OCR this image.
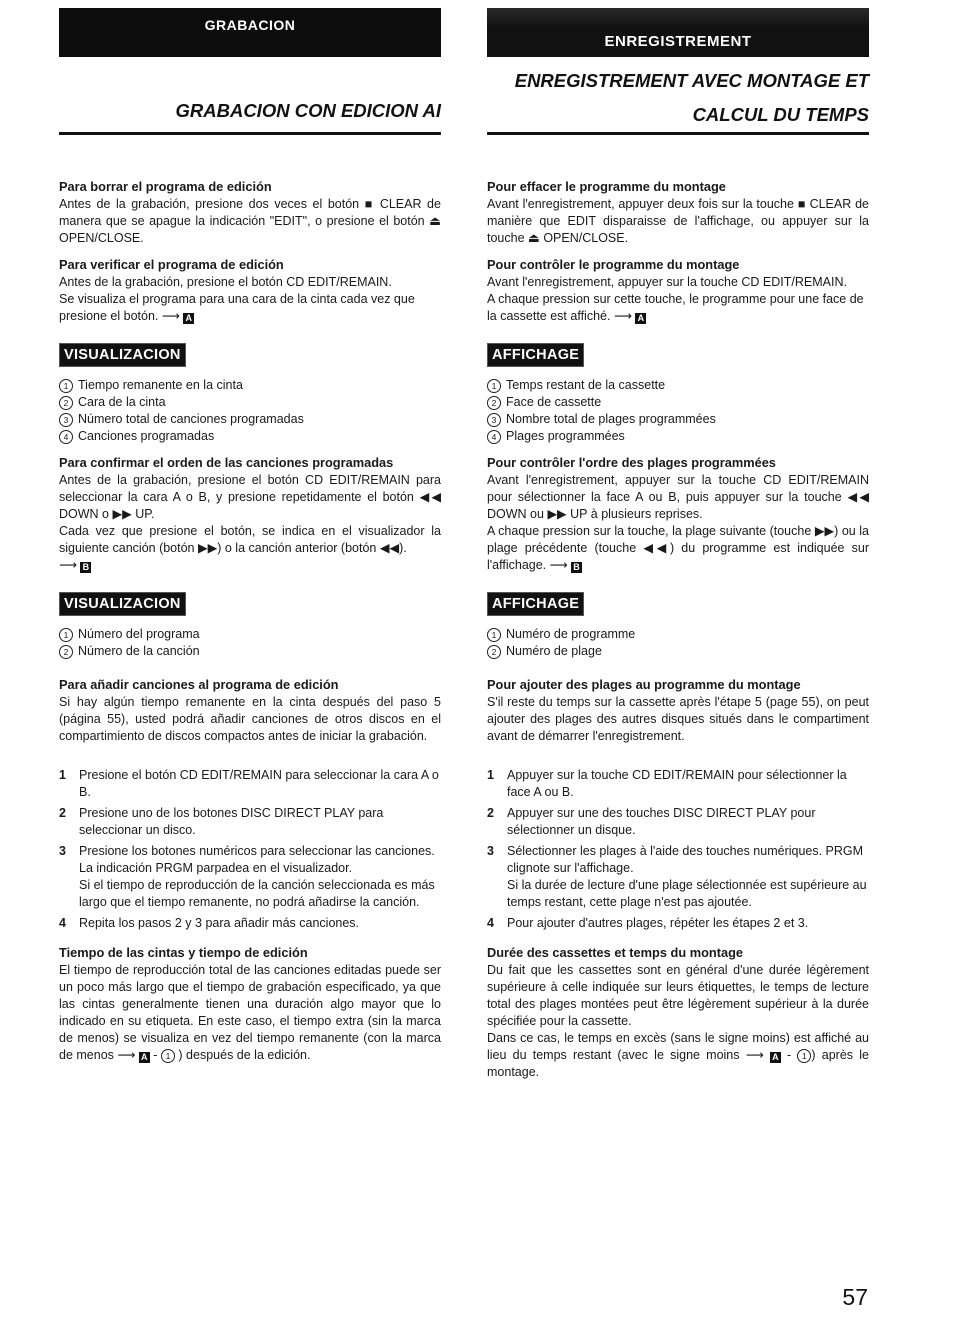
GRABACION
GRABACION CON EDICION AI
Para borrar el programa de edición

Antes de la grabación, presione dos veces el botón ■ CLEAR de manera que se apague la indicación "EDIT", o presione el botón ⏏ OPEN/CLOSE.

Para verificar el programa de edición

Antes de la grabación, presione el botón CD EDIT/REMAIN.

Se visualiza el programa para una cara de la cinta cada vez que presione el botón. ⟶ A

VISUALIZACION

1 Tiempo remanente en la cinta

2 Cara de la cinta

3 Número total de canciones programadas

4 Canciones programadas

Para confirmar el orden de las canciones programadas

Antes de la grabación, presione el botón CD EDIT/REMAIN para seleccionar la cara A o B, y presione repetidamente el botón ◀◀ DOWN o ▶▶ UP.

Cada vez que presione el botón, se indica en el visualizador la siguiente canción (botón ▶▶) o la canción anterior (botón ◀◀).
⟶ B

VISUALIZACION

1 Número del programa

2 Número de la canción

Para añadir canciones al programa de edición

Si hay algún tiempo remanente en la cinta después del paso 5 (página 55), usted podrá añadir canciones de otros discos en el compartimiento de discos compactos antes de iniciar la grabación.

1 Presione el botón CD EDIT/REMAIN para seleccionar la cara A o B.
2 Presione uno de los botones DISC DIRECT PLAY para seleccionar un disco.
3 Presione los botones numéricos para seleccionar las canciones. La indicación PRGM parpadea en el visualizador.
Si el tiempo de reproducción de la canción seleccionada es más largo que el tiempo remanente, no podrá añadirse la canción.
4 Repita los pasos 2 y 3 para añadir más canciones.
Tiempo de las cintas y tiempo de edición

El tiempo de reproducción total de las canciones editadas puede ser un poco más largo que el tiempo de grabación especificado, ya que las cintas generalmente tienen una duración algo mayor que lo indicado en su etiqueta. En este caso, el tiempo extra (sin la marca de menos) se visualiza en vez del tiempo remanente (con la marca de menos ⟶ A - 1 ) después de la edición.

ENREGISTREMENT
ENREGISTREMENT AVEC MONTAGE ET
CALCUL DU TEMPS
Pour effacer le programme du montage

Avant l'enregistrement, appuyer deux fois sur la touche ■ CLEAR de manière que EDIT disparaisse de l'affichage, ou appuyer sur la touche ⏏ OPEN/CLOSE.

Pour contrôler le programme du montage

Avant l'enregistrement, appuyer sur la touche CD EDIT/REMAIN.

A chaque pression sur cette touche, le programme pour une face de la cassette est affiché. ⟶ A

AFFICHAGE

1 Temps restant de la cassette

2 Face de cassette

3 Nombre total de plages programmées

4 Plages programmées

Pour contrôler l'ordre des plages programmées

Avant l'enregistrement, appuyer sur la touche CD EDIT/REMAIN pour sélectionner la face A ou B, puis appuyer sur la touche ◀◀ DOWN ou ▶▶ UP à plusieurs reprises.

A chaque pression sur la touche, la plage suivante (touche ▶▶) ou la plage précédente (touche ◀◀) du programme est indiquée sur l'affichage. ⟶ B

AFFICHAGE

1 Numéro de programme

2 Numéro de plage

Pour ajouter des plages au programme du montage

S'il reste du temps sur la cassette après l'étape 5 (page 55), on peut ajouter des plages des autres disques situés dans le compartiment avant de démarrer l'enregistrement.

1 Appuyer sur la touche CD EDIT/REMAIN pour sélectionner la face A ou B.
2 Appuyer sur une des touches DISC DIRECT PLAY pour sélectionner un disque.
3 Sélectionner les plages à l'aide des touches numériques. PRGM clignote sur l'affichage.
Si la durée de lecture d'une plage sélectionnée est supérieure au temps restant, cette plage n'est pas ajoutée.
4 Pour ajouter d'autres plages, répéter les étapes 2 et 3.
Durée des cassettes et temps du montage

Du fait que les cassettes sont en général d'une durée légèrement supérieure à celle indiquée sur leurs étiquettes, le temps de lecture total des plages montées peut être légèrement supérieur à la durée spécifiée pour la cassette.

Dans ce cas, le temps en excès (sans le signe moins) est affiché au lieu du temps restant (avec le signe moins ⟶ A - 1 ) après le montage.

57
